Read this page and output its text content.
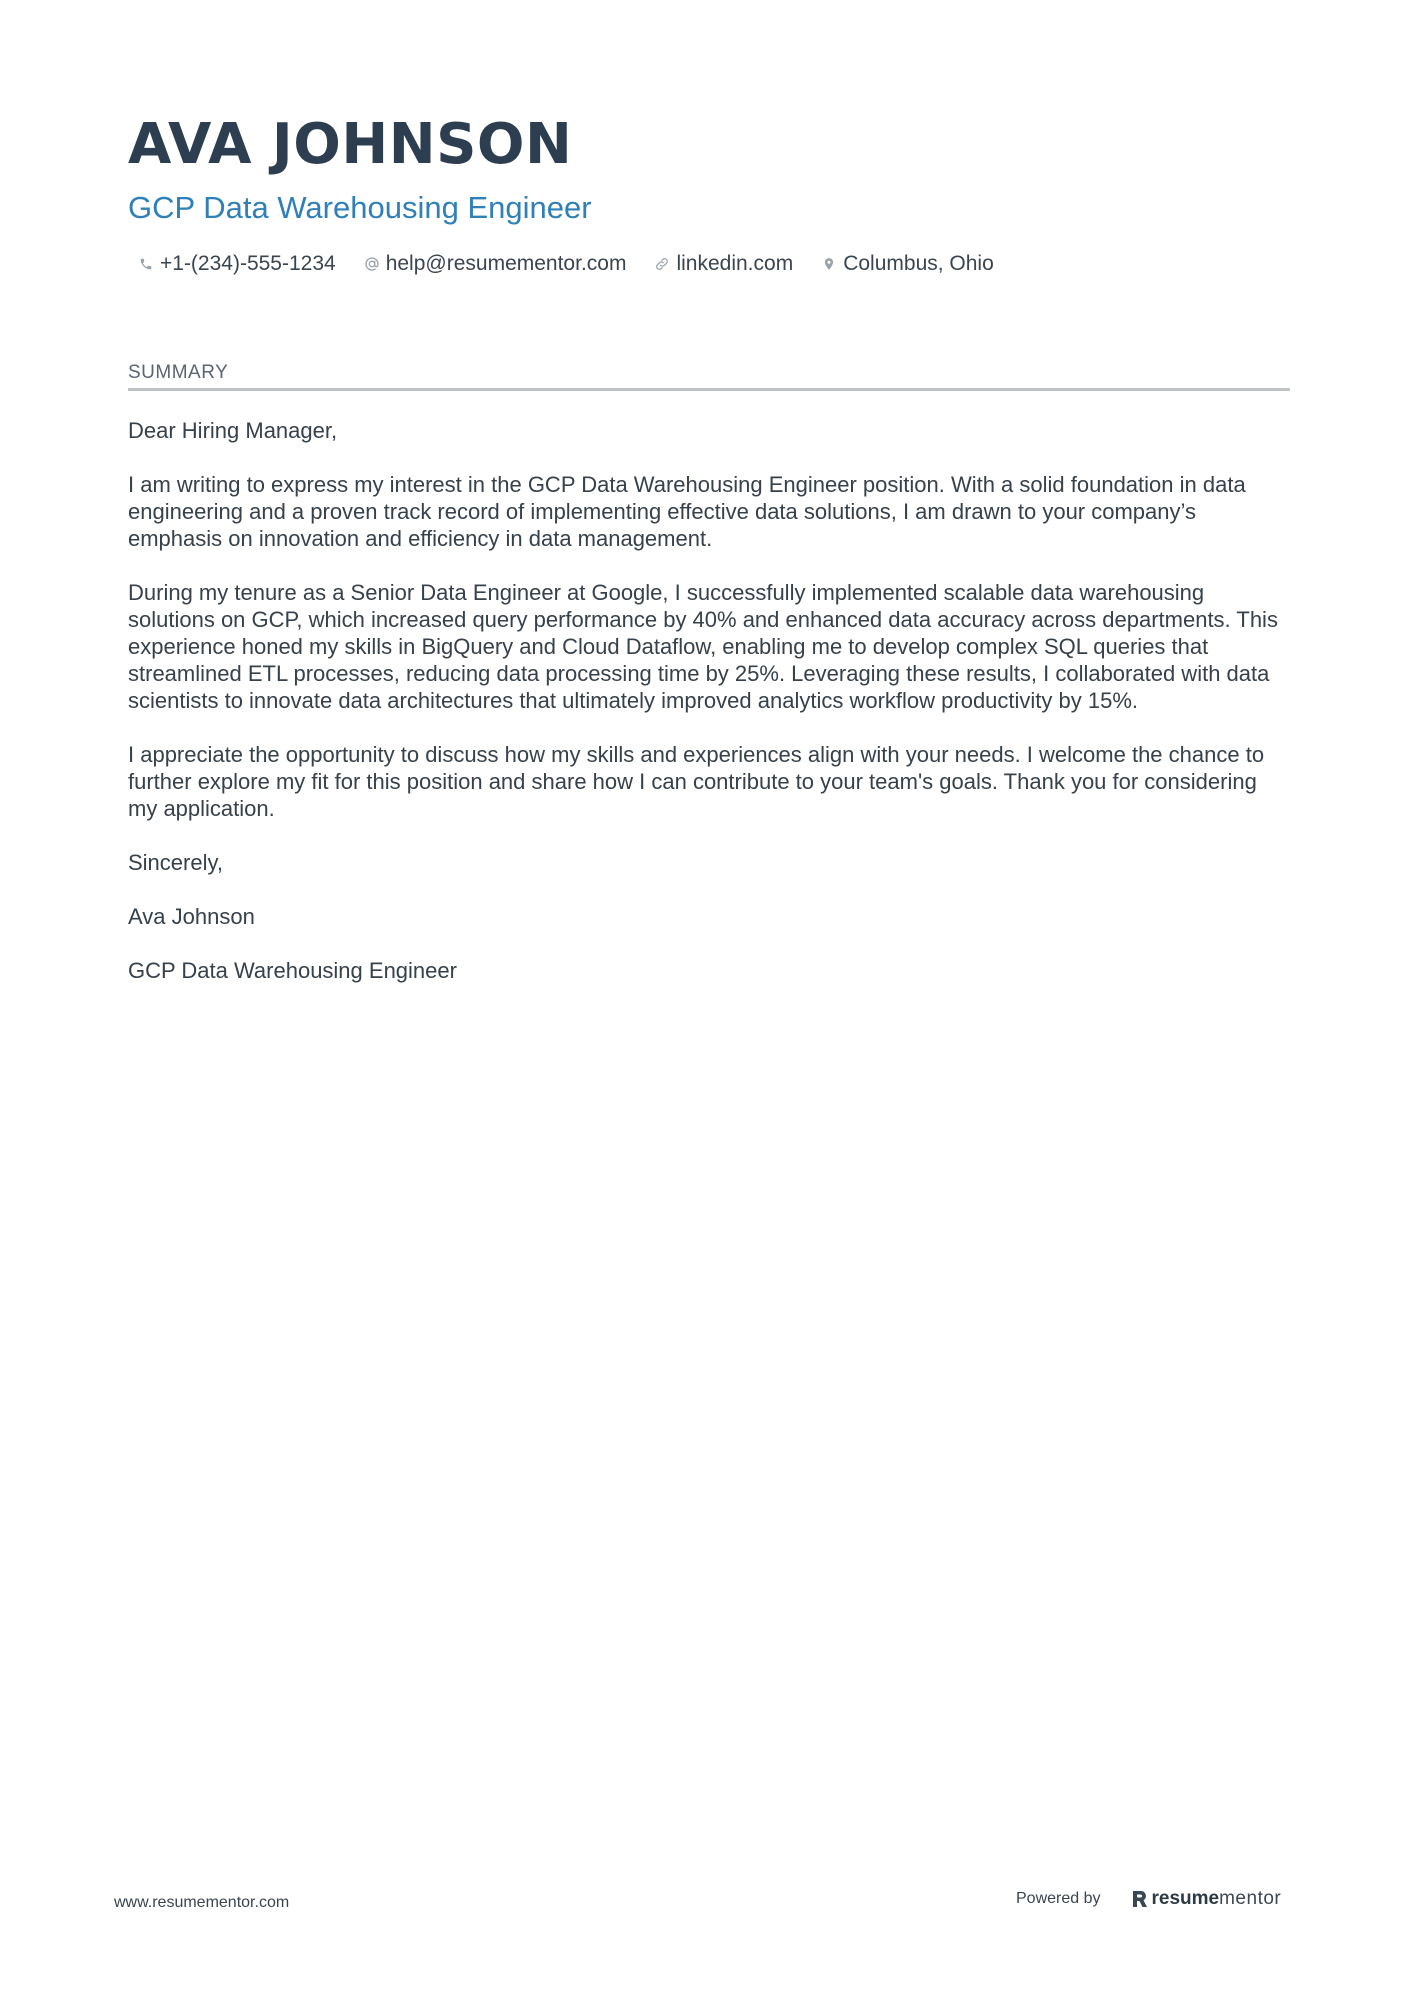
AVA JOHNSON
GCP Data Warehousing Engineer
+1-(234)-555-1234 help@resumementor.com linkedin.com Columbus, Ohio
SUMMARY

Dear Hiring Manager,

I am writing to express my interest in the GCP Data Warehousing Engineer position. With a solid foundation in data engineering and a proven track record of implementing effective data solutions, I am drawn to your company’s emphasis on innovation and efficiency in data management.

During my tenure as a Senior Data Engineer at Google, I successfully implemented scalable data warehousing solutions on GCP, which increased query performance by 40% and enhanced data accuracy across departments. This experience honed my skills in BigQuery and Cloud Dataflow, enabling me to develop complex SQL queries that streamlined ETL processes, reducing data processing time by 25%. Leveraging these results, I collaborated with data scientists to innovate data architectures that ultimately improved analytics workflow productivity by 15%.

I appreciate the opportunity to discuss how my skills and experiences align with your needs. I welcome the chance to further explore my fit for this position and share how I can contribute to your team's goals. Thank you for considering my application.

Sincerely,

Ava Johnson

GCP Data Warehousing Engineer

www.resumementor.com	Powered by	resume mentor
